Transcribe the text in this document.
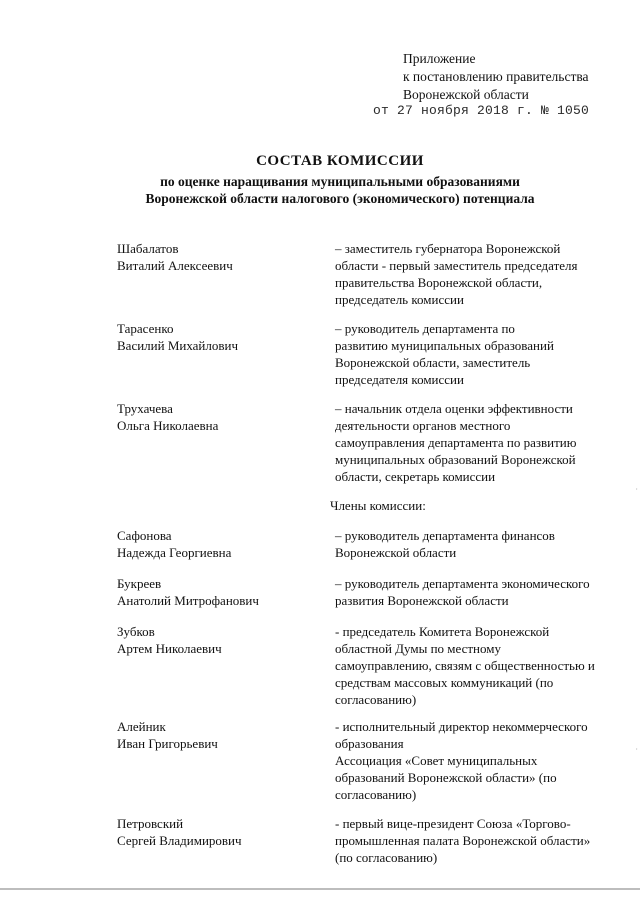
Приложение
к постановлению правительства
Воронежской области
от 27 ноября 2018 г. № 1050
СОСТАВ КОМИССИИ
по оценке наращивания муниципальными образованиями
Воронежской области налогового (экономического) потенциала
Шабалатов
Виталий Алексеевич
– заместитель губернатора Воронежской
области - первый заместитель председателя
правительства Воронежской области,
председатель комиссии
Тарасенко
Василий Михайлович
– руководитель департамента по
развитию муниципальных образований
Воронежской области, заместитель
председателя комиссии
Трухачева
Ольга Николаевна
– начальник отдела оценки эффективности
деятельности органов местного
самоуправления департамента по развитию
муниципальных образований Воронежской
области, секретарь комиссии
Члены комиссии:
Сафонова
Надежда Георгиевна
– руководитель департамента финансов
Воронежской области
Букреев
Анатолий Митрофанович
– руководитель департамента экономического
развития Воронежской области
Зубков
Артем Николаевич
- председатель Комитета Воронежской
областной Думы по местному
самоуправлению, связям с общественностью и
средствам массовых коммуникаций (по
согласованию)
Алейник
Иван Григорьевич
- исполнительный директор некоммерческого
образования
Ассоциация «Совет муниципальных
образований Воронежской области» (по
согласованию)
Петровский
Сергей Владимирович
- первый вице-президент Союза «Торгово-
промышленная палата Воронежской области»
(по согласованию)
·
·
